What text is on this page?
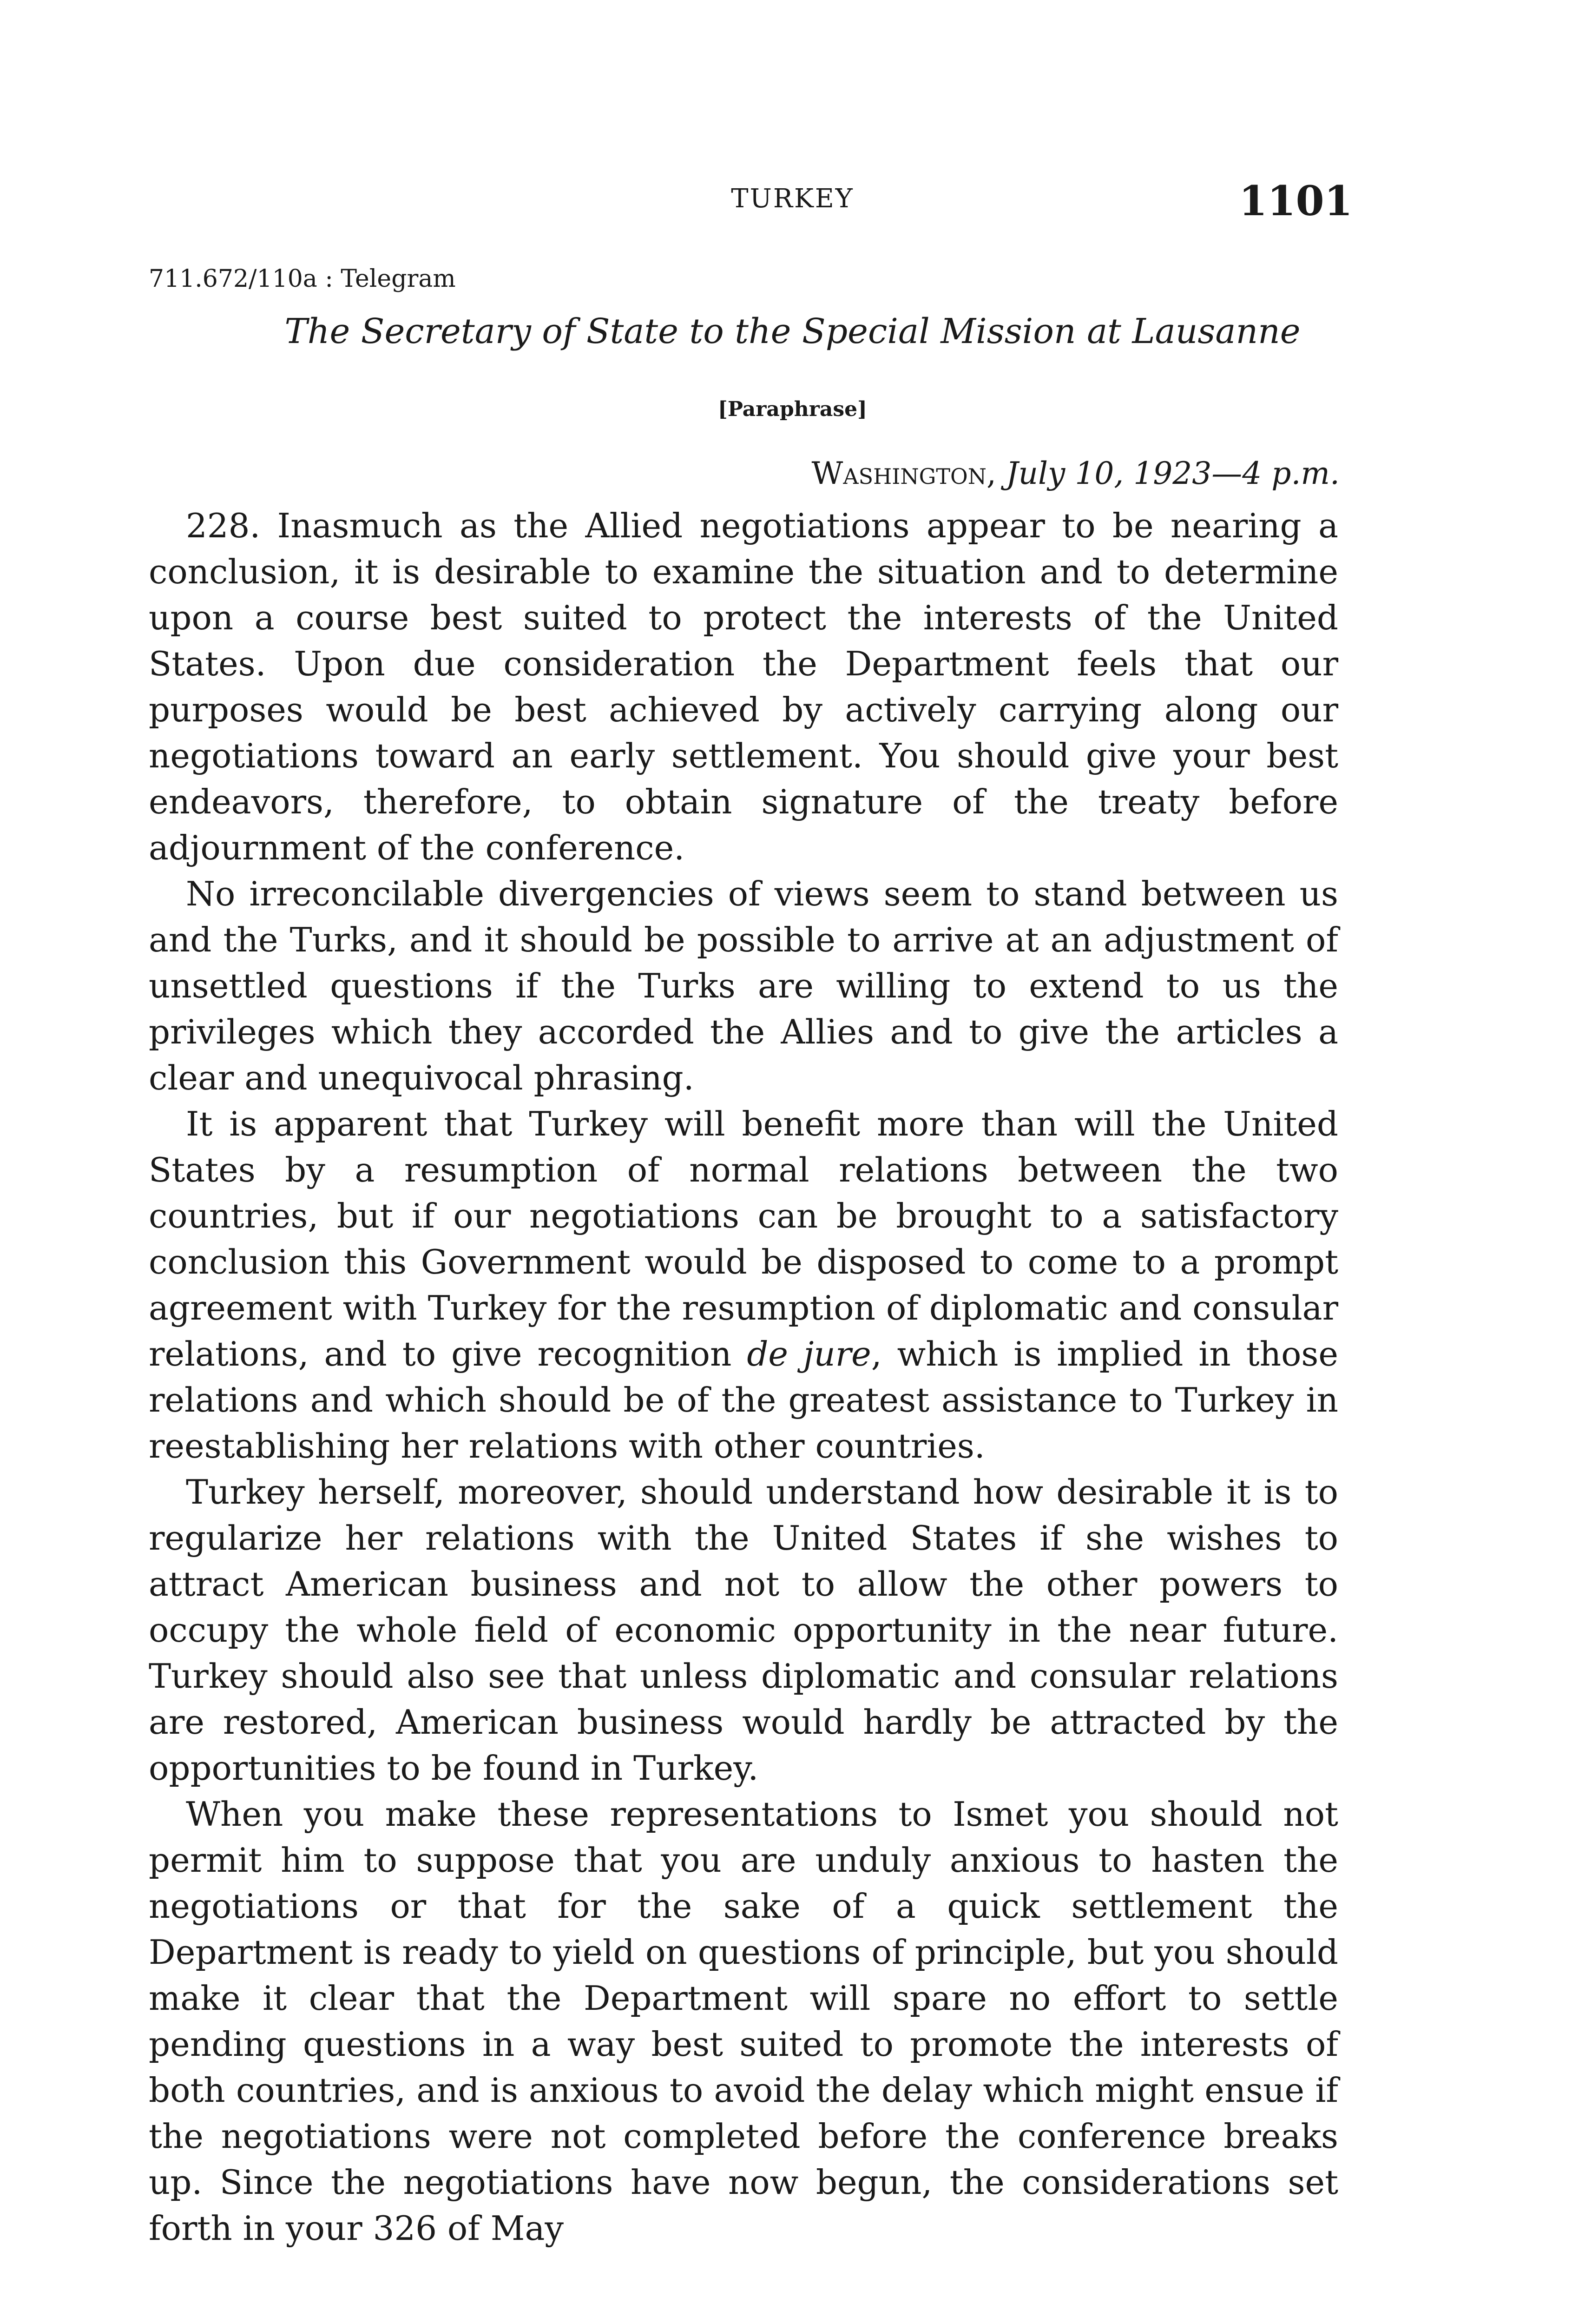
TURKEY	1101
711.672/110a : Telegram
The Secretary of State to the Special Mission at Lausanne
[Paraphrase]
Washington, July 10, 1923—4 p.m.

228. Inasmuch as the Allied negotiations appear to be nearing a conclusion, it is desirable to examine the situation and to determine upon a course best suited to protect the interests of the United States. Upon due consideration the Department feels that our purposes would be best achieved by actively carrying along our negotiations toward an early settlement. You should give your best endeavors, therefore, to obtain signature of the treaty before adjournment of the conference.

No irreconcilable divergencies of views seem to stand between us and the Turks, and it should be possible to arrive at an adjustment of unsettled questions if the Turks are willing to extend to us the privileges which they accorded the Allies and to give the articles a clear and unequivocal phrasing.

It is apparent that Turkey will benefit more than will the United States by a resumption of normal relations between the two countries, but if our negotiations can be brought to a satisfactory conclusion this Government would be disposed to come to a prompt agreement with Turkey for the resumption of diplomatic and consular relations, and to give recognition de jure, which is implied in those relations and which should be of the greatest assistance to Turkey in reestablishing her relations with other countries.

Turkey herself, moreover, should understand how desirable it is to regularize her relations with the United States if she wishes to attract American business and not to allow the other powers to occupy the whole field of economic opportunity in the near future. Turkey should also see that unless diplomatic and consular relations are restored, American business would hardly be attracted by the opportunities to be found in Turkey.

When you make these representations to Ismet you should not permit him to suppose that you are unduly anxious to hasten the negotiations or that for the sake of a quick settlement the Department is ready to yield on questions of principle, but you should make it clear that the Department will spare no effort to settle pending questions in a way best suited to promote the interests of both countries, and is anxious to avoid the delay which might ensue if the negotiations were not completed before the conference breaks up. Since the negotiations have now begun, the considerations set forth in your 326 of May
